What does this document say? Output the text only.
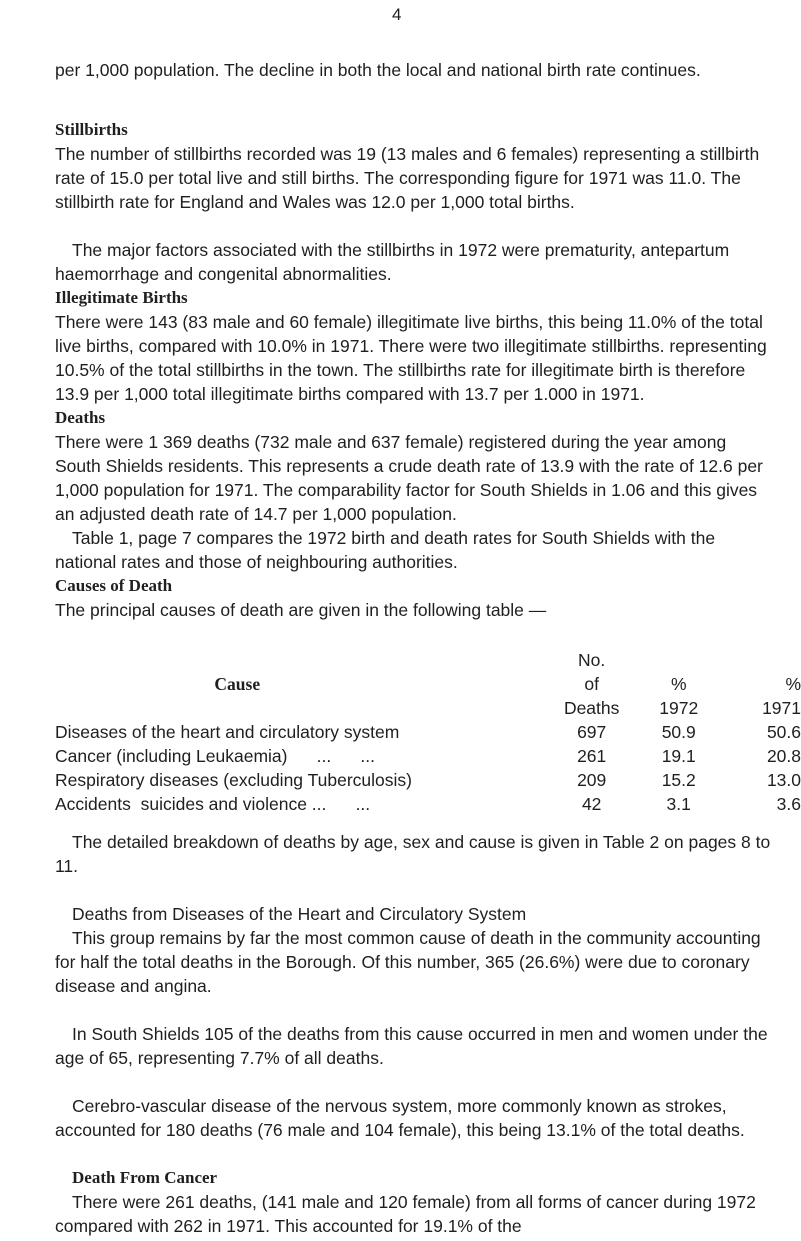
4

per 1,000 population. The decline in both the local and national birth rate continues.

Stillbirths

The number of stillbirths recorded was 19 (13 males and 6 females) representing a stillbirth rate of 15.0 per total live and still births. The corresponding figure for 1971 was 11.0. The stillbirth rate for England and Wales was 12.0 per 1,000 total births.

The major factors associated with the stillbirths in 1972 were prematurity, antepartum haemorrhage and congenital abnormalities.

Illegitimate Births

There were 143 (83 male and 60 female) illegitimate live births, this being 11.0% of the total live births, compared with 10.0% in 1971. There were two illegitimate stillbirths. representing 10.5% of the total stillbirths in the town. The stillbirths rate for illegitimate birth is therefore 13.9 per 1,000 total illegitimate births compared with 13.7 per 1.000 in 1971.

Deaths

There were 1 369 deaths (732 male and 637 female) registered during the year among South Shields residents. This represents a crude death rate of 13.9 with the rate of 12.6 per 1,000 population for 1971. The comparability factor for South Shields in 1.06 and this gives an adjusted death rate of 14.7 per 1,000 population.

Table 1, page 7 compares the 1972 birth and death rates for South Shields with the national rates and those of neighbouring authorities.

Causes of Death

The principal causes of death are given in the following table —

	No.		
Cause	of	%	%
	Deaths	1972	1971
Diseases of the heart and circulatory system	697	50.9	50.6
Cancer (including Leukaemia)      ...      ...	261	19.1	20.8
Respiratory diseases (excluding Tuberculosis)	209	15.2	13.0
Accidents  suicides and violence ...      ...	42	3.1	3.6

The detailed breakdown of deaths by age, sex and cause is given in Table 2 on pages 8 to 11.

Deaths from Diseases of the Heart and Circulatory System

This group remains by far the most common cause of death in the community accounting for half the total deaths in the Borough. Of this number, 365 (26.6%) were due to coronary disease and angina.

In South Shields 105 of the deaths from this cause occurred in men and women under the age of 65, representing 7.7% of all deaths.

Cerebro-vascular disease of the nervous system, more commonly known as strokes, accounted for 180 deaths (76 male and 104 female), this being 13.1% of the total deaths.

Death From Cancer

There were 261 deaths, (141 male and 120 female) from all forms of cancer during 1972 compared with 262 in 1971. This accounted for 19.1% of the
